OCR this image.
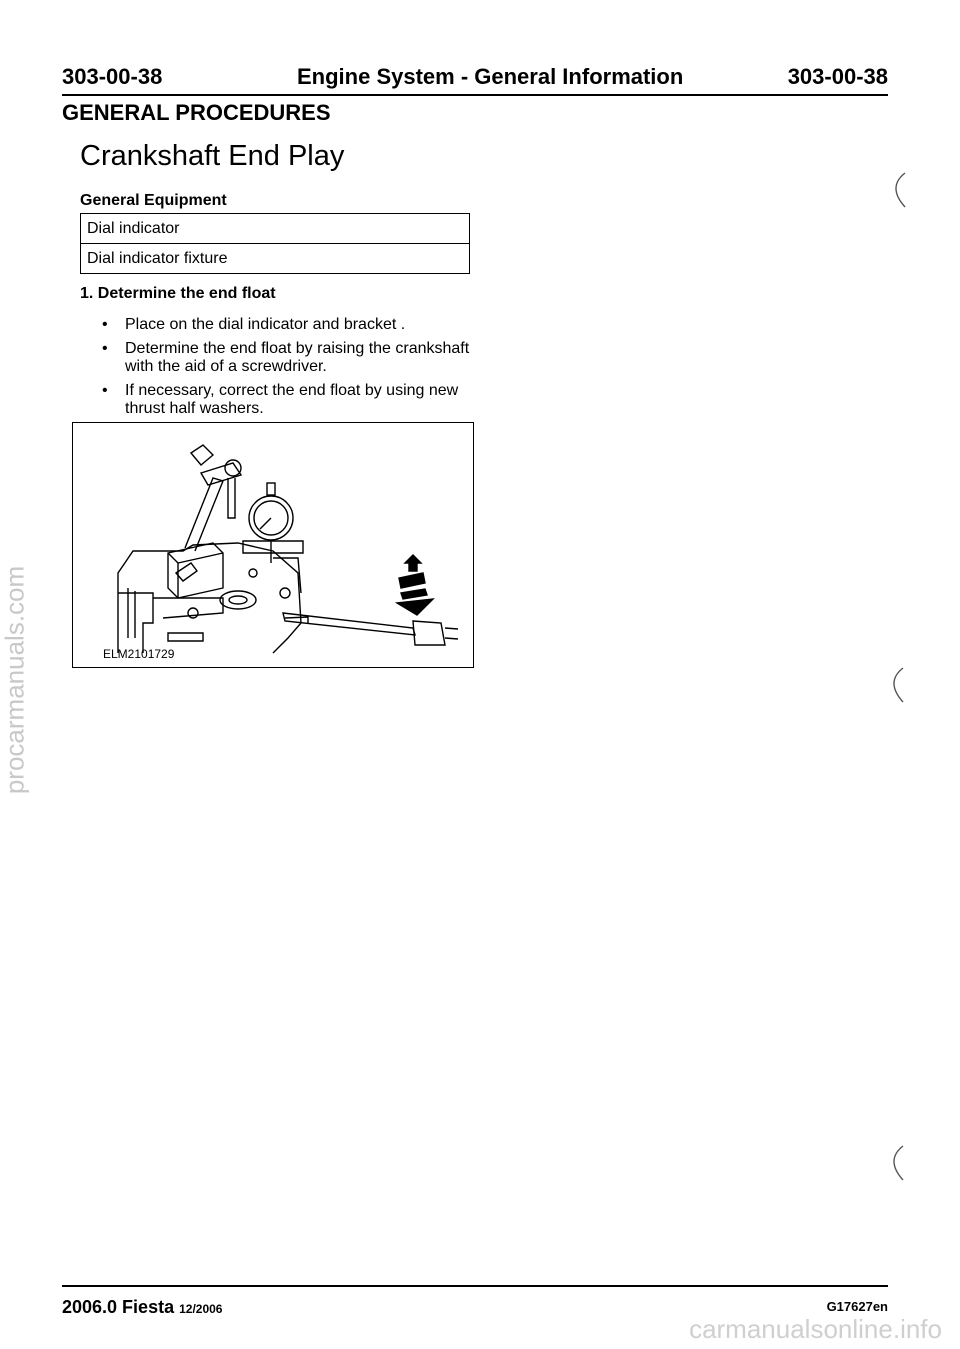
procarmanuals.com
303-00-38	Engine System - General Information	303-00-38
GENERAL PROCEDURES
Crankshaft End Play
General Equipment
Dial indicator
Dial indicator fixture
1. Determine the end float
• Place on the dial indicator and bracket .
• Determine the end float by raising the crankshaft with the aid of a screwdriver.
• If necessary, correct the end float by using new thrust half washers.
ELM2101729
2006.0 Fiesta 12/2006	G17627en
carmanualsonline.info
